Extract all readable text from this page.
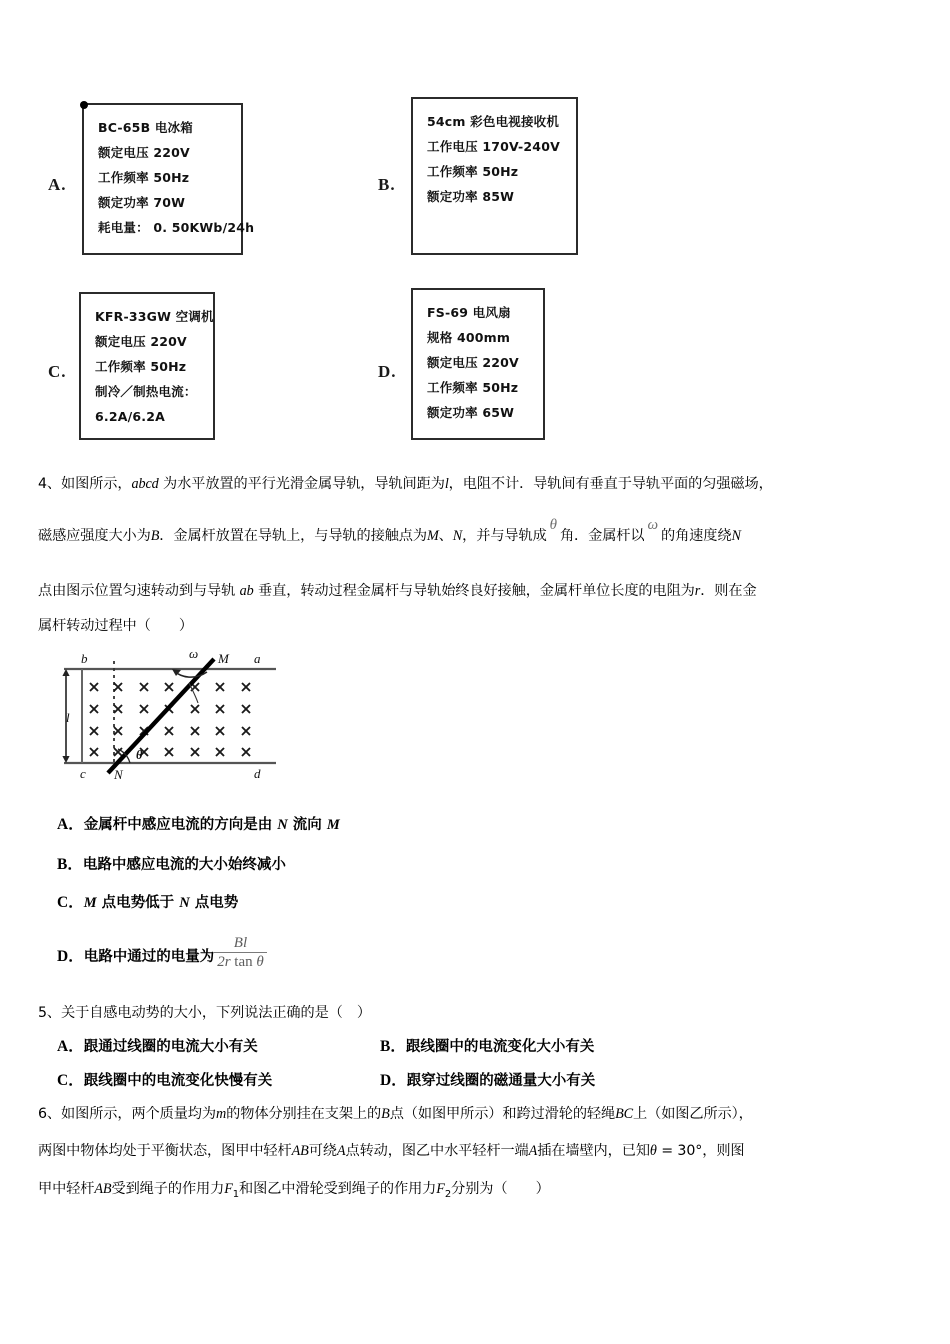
A.
BC-65B 电冰箱
额定电压 220V
工作频率 50Hz
额定功率 70W
耗电量： 0. 50KWb/24h
B.
54cm 彩色电视接收机
工作电压 170V-240V
工作频率 50Hz
额定功率 85W
C.
KFR-33GW 空调机
额定电压 220V
工作频率 50Hz
制冷／制热电流：
6.2A/6.2A
D.
FS-69 电风扇
规格 400mm
额定电压 220V
工作频率 50Hz
额定功率 65W
4、如图所示，abcd 为水平放置的平行光滑金属导轨，导轨间距为l，电阻不计．导轨间有垂直于导轨平面的匀强磁场，
磁感应强度大小为B．金属杆放置在导轨上，与导轨的接触点为M、N，并与导轨成θ角．金属杆以ω的角速度绕N
点由图示位置匀速转动到与导轨 ab 垂直，转动过程金属杆与导轨始终良好接触，金属杆单位长度的电阻为r．则在金
属杆转动过程中（　　）
b	a
c	d
M
N
l
θ
ω
A．金属杆中感应电流的方向是由 N 流向 M
B．电路中感应电流的大小始终减小
C．M 点电势低于 N 点电势
D．电路中通过的电量为 $\frac{Bl}{\text{2r tan θ}}$
5、关于自感电动势的大小，下列说法正确的是（　）
A．跟通过线圈的电流大小有关	B．跟线圈中的电流变化大小有关
C．跟线圈中的电流变化快慢有关	D．跟穿过线圈的磁通量大小有关
6、如图所示，两个质量均为m的物体分别挂在支架上的B点（如图甲所示）和跨过滑轮的轻绳BC上（如图乙所示），
两图中物体均处于平衡状态，图甲中轻杆AB可绕A点转动，图乙中水平轻杆一端A插在墙壁内，已知θ = 30°，则图
甲中轻杆AB受到绳子的作用力$F_1$和图乙中滑轮受到绳子的作用力$F_2$分别为（　　）
